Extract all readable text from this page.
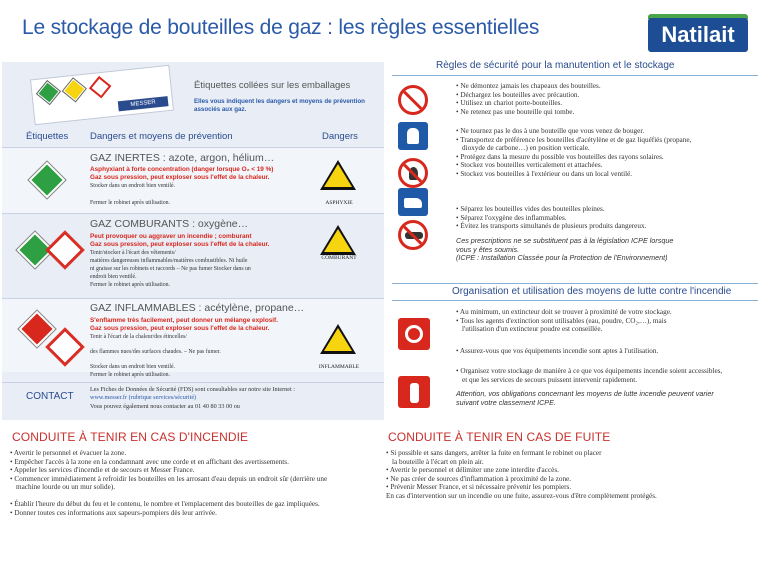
Le stockage de bouteilles de gaz : les règles essentielles	Natilait
MESSER
Étiquettes collées sur les emballages
Elles vous indiquent les dangers et moyens de prévention associés aux gaz.
Étiquettes Dangers et moyens de prévention	Dangers
GAZ INERTES : azote, argon, hélium…
Asphyxiant à forte concentration (danger lorsque O₂ < 19 %)
Gaz sous pression, peut exploser sous l'effet de la chaleur.
Stocker dans un endroit bien ventilé.
Fermer le robinet après utilisation.	ASPHYXIE
GAZ COMBURANTS : oxygène…
Peut provoquer ou aggraver un incendie ; comburant
Gaz sous pression, peut exploser sous l'effet de la chaleur.
Tenir/stocker à l'écart des vêtements/
matières dangereuses inflammables/matières combustibles. Ni huile
ni graisse sur les robinets et raccords – Ne pas fumer Stocker dans un
endroit bien ventilé.
Fermer le robinet après utilisation.
COMBURANT
GAZ INFLAMMABLES : acétylène, propane…
S'enflamme très facilement, peut donner un mélange explosif.
Gaz sous pression, peut exploser sous l'effet de la chaleur.
Tenir à l'écart de la chaleur/des étincelles/
des flammes nues/des surfaces chaudes. – Ne pas fumer.
Stocker dans un endroit bien ventilé.
Fermer le robinet après utilisation.
INFLAMMABLE
CONTACT
Les Fiches de Données de Sécurité (FDS) sont consultables sur notre site Internet :
www.messer.fr (rubrique services/sécurité)
Vous pouvez également nous contacter au 01 40 80 33 00 ou
Règles de sécurité pour la manutention et le stockage
• Ne démontez jamais les chapeaux des bouteilles.
• Déchargez les bouteilles avec précaution.
• Utilisez un chariot porte-bouteilles.
• Ne retenez pas une bouteille qui tombe.
• Ne tournez pas le dos à une bouteille que vous venez de bouger.
• Transportez de préférence les bouteilles d'acétylène et de gaz liquéfiés (propane,
dioxyde de carbone…) en position verticale.
• Protégez dans la mesure du possible vos bouteilles des rayons solaires.
• Stockez vos bouteilles verticalement et attachées.
• Stockez vos bouteilles à l'extérieur ou dans un local ventilé.
• Séparez les bouteilles vides des bouteilles pleines.
• Séparez l'oxygène des inflammables.
• Évitez les transports simultanés de plusieurs produits dangereux.
Ces prescriptions ne se substituent pas à la législation ICPE lorsque
vous y êtes soumis.
(ICPE : Installation Classée pour la Protection de l'Environnement)
Organisation et utilisation des moyens de lutte contre l'incendie
• Au minimum, un extincteur doit se trouver à proximité de votre stockage.
• Tous les agents d'extinction sont utilisables (eau, poudre, CO₂,…), mais
l'utilisation d'un extincteur poudre est conseillée.
• Assurez-vous que vos équipements incendie sont aptes à l'utilisation.
• Organisez votre stockage de manière à ce que vos équipements incendie soient accessibles,
et que les services de secours puissent intervenir rapidement.
Attention, vos obligations concernant les moyens de lutte incendie peuvent varier
suivant votre classement ICPE.
CONDUITE À TENIR EN CAS D'INCENDIE
• Avertir le personnel et évacuer la zone.
• Empêcher l'accès à la zone en la condamnant avec une corde et en affichant des avertissements.
• Appeler les services d'incendie et de secours et Messer France.
• Commencer immédiatement à refroidir les bouteilles en les arrosant d'eau depuis un endroit sûr (derrière une
machine lourde ou un mur solide).
• Établir l'heure du début du feu et le contenu, le nombre et l'emplacement des bouteilles de gaz impliquées.
• Donner toutes ces informations aux sapeurs-pompiers dès leur arrivée.
CONDUITE À TENIR EN CAS DE FUITE
• Si possible et sans dangers, arrêter la fuite en fermant le robinet ou placer
la bouteille à l'écart en plein air.
• Avertir le personnel et délimiter une zone interdite d'accès.
• Ne pas créer de sources d'inflammation à proximité de la zone.
• Prévenir Messer France, et si nécessaire prévenir les pompiers.
En cas d'intervention sur un incendie ou une fuite, assurez-vous d'être complètement protégés.
